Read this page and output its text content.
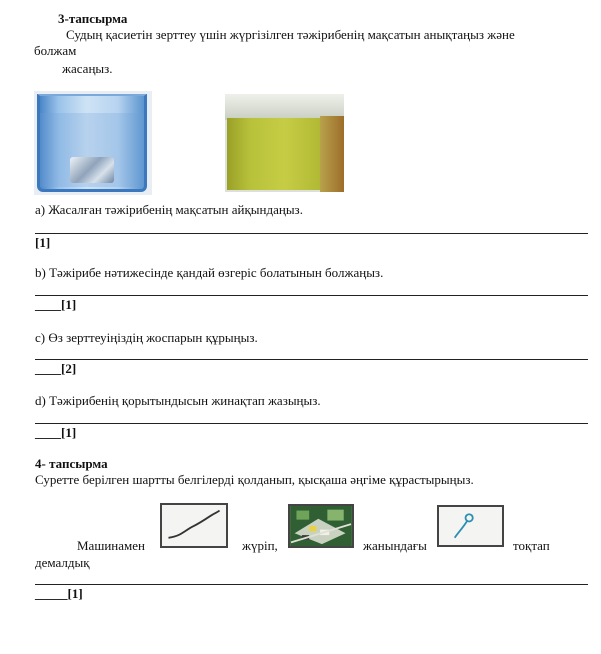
3-тапсырма
Судың қасиетін зерттеу үшін жүргізілген тәжірибенің мақсатын анықтаңыз және
болжам
жасаңыз.
a) Жасалған тәжірибенің мақсатын айқындаңыз.
[1]
b) Тәжірибе нәтижесінде қандай өзгеріс болатынын болжаңыз.
____[1]
c) Өз зерттеуіңіздің жоспарын құрыңыз.
____[2]
d) Тәжірибенің қорытындысын жинақтап жазыңыз.
____[1]
4- тапсырма
Суретте берілген шартты белгілерді қолданып, қысқаша әңгіме құрастырыңыз.
Машинамен	жүріп,	жанындағы	тоқтап
демалдық
_____[1]
